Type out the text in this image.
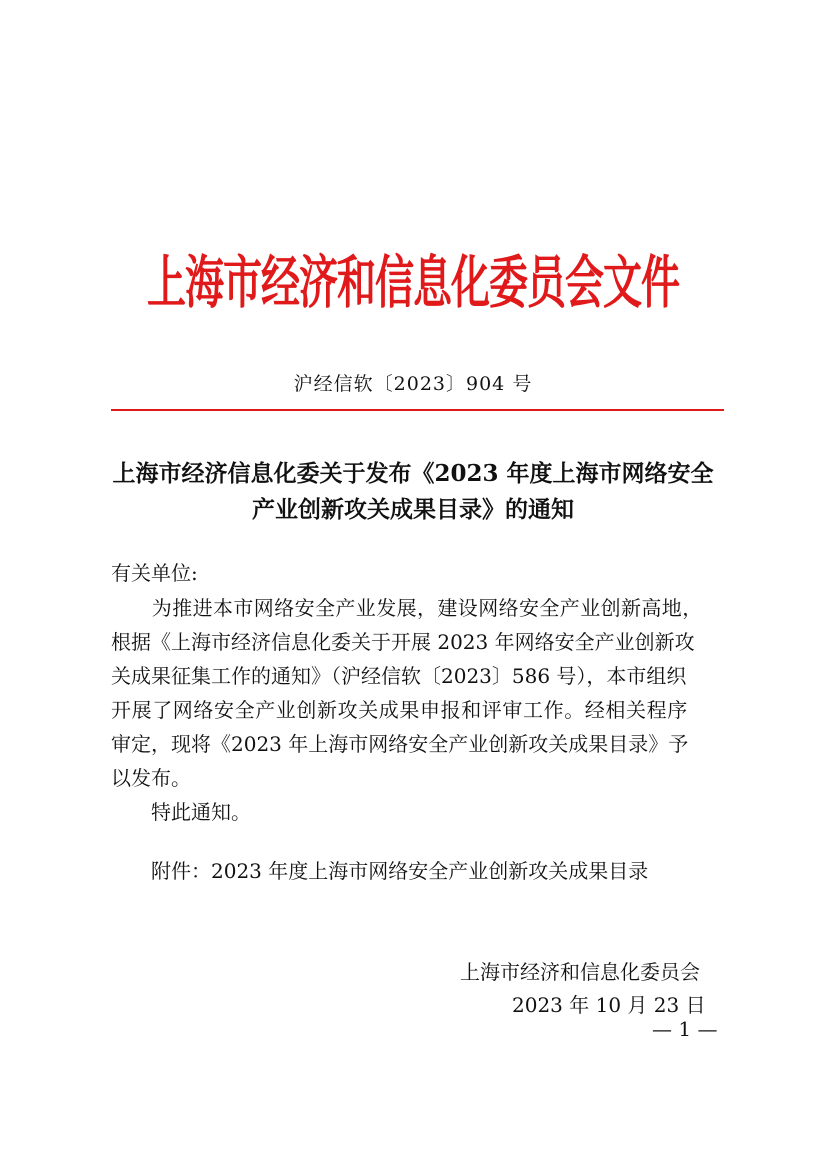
上海市经济和信息化委员会文件
沪经信软〔2023〕904 号
上海市经济信息化委关于发布《2023 年度上海市网络安全
产业创新攻关成果目录》的通知
有关单位:
　　为推进本市网络安全产业发展，建设网络安全产业创新高地，
根据《上海市经济信息化委关于开展 2023 年网络安全产业创新攻
关成果征集工作的通知》（沪经信软〔2023〕586 号），本市组织
开展了网络安全产业创新攻关成果申报和评审工作。经相关程序
审定，现将《2023 年上海市网络安全产业创新攻关成果目录》予
以发布。
　　特此通知。
　　附件：2023 年度上海市网络安全产业创新攻关成果目录
上海市经济和信息化委员会
2023 年 10 月 23 日
— 1 —
